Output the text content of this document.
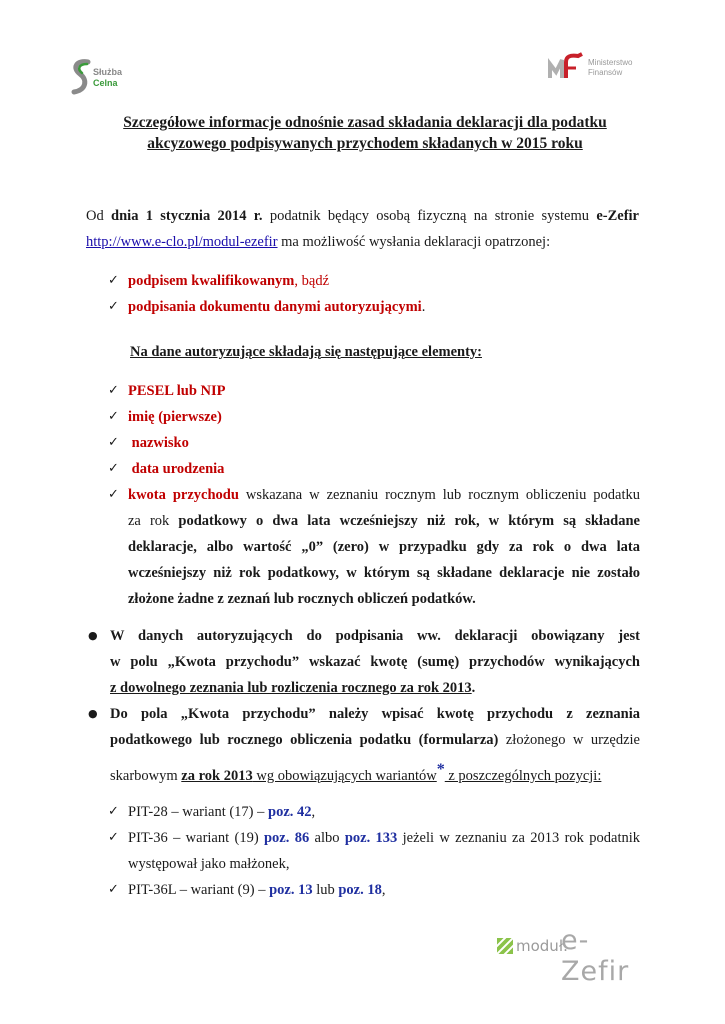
Służba
Celna
Ministerstwo
Finansów
Szczegółowe informacje odnośnie zasad składania deklaracji dla podatku
akcyzowego podpisywanych przychodem składanych w 2015 roku
Od dnia 1 stycznia 2014 r. podatnik będący osobą fizyczną na stronie systemu e-Zefir
http://www.e-clo.pl/modul-ezefir ma możliwość wysłania deklaracji opatrzonej:
✓ podpisem kwalifikowanym, bądź
✓ podpisania dokumentu danymi autoryzującymi.
Na dane autoryzujące składają się następujące elementy:
✓ PESEL lub NIP
✓ imię (pierwsze)
✓ nazwisko
✓ data urodzenia
✓ kwota przychodu wskazana w zeznaniu rocznym lub rocznym obliczeniu podatku
za rok podatkowy o dwa lata wcześniejszy niż rok, w którym są składane
deklaracje, albo wartość „0” (zero) w przypadku gdy za rok o dwa lata
wcześniejszy niż rok podatkowy, w którym są składane deklaracje nie zostało
złożone żadne z zeznań lub rocznych obliczeń podatków.
● W danych autoryzujących do podpisania ww. deklaracji obowiązany jest
w polu „Kwota przychodu” wskazać kwotę (sumę) przychodów wynikających
z dowolnego zeznania lub rozliczenia rocznego za rok 2013.
● Do pola „Kwota przychodu” należy wpisać kwotę przychodu z zeznania
podatkowego lub rocznego obliczenia podatku (formularza) złożonego w urzędzie
skarbowym za rok 2013 wg obowiązujących wariantów* z poszczególnych pozycji:
✓ PIT-28 – wariant (17) – poz. 42,
✓ PIT-36 – wariant (19) poz. 86 albo poz. 133 jeżeli w zeznaniu za 2013 rok podatnik
występował jako małżonek,
✓ PIT-36L – wariant (9) – poz. 13 lub poz. 18,
moduł.
e-Zefir
